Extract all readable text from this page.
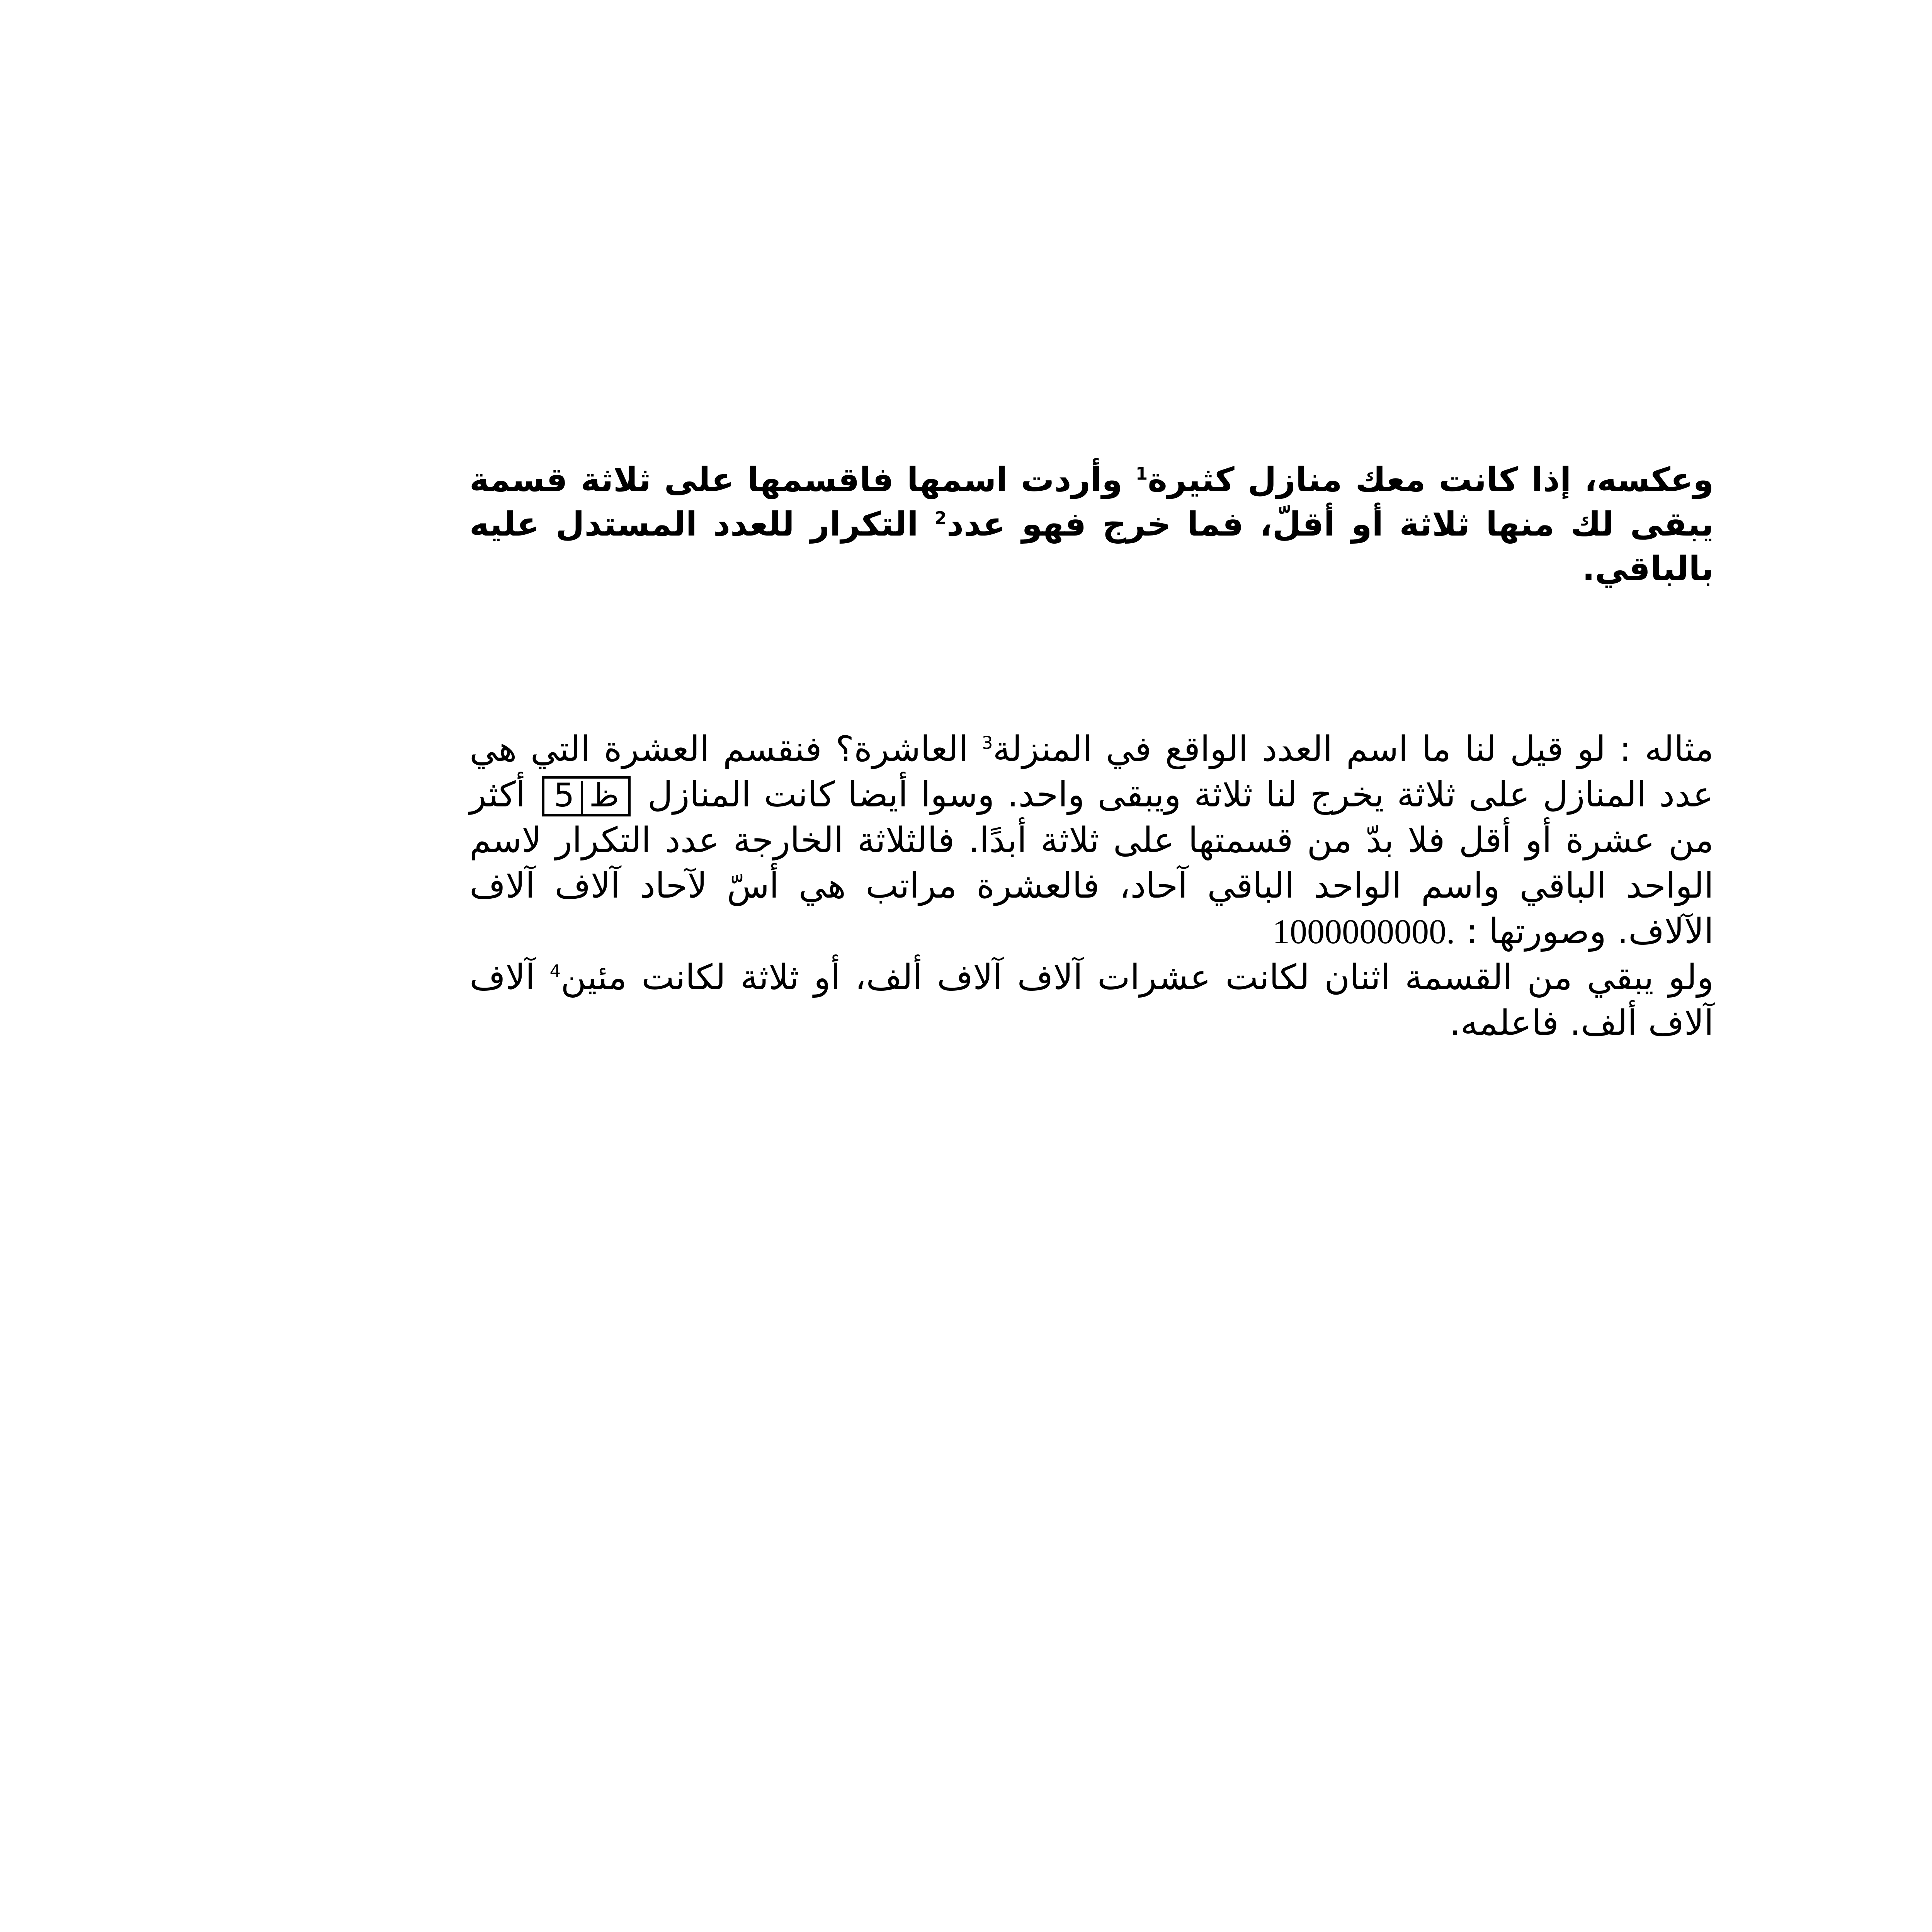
وعكسه، إذا كانت معك منازل كثيرة$^1$ وأردت اسمها فاقسمها على ثلاثة قسمة يبقى لك منها ثلاثة أو أقلّ، فما خرج فهو عدد$^2$ التكرار للعدد المستدل عليه بالباقي.
مثاله : لو قيل لنا ما اسم العدد الواقع في المنزلة$^3$ العاشرة؟ فنقسم العشرة التي هي عدد المنازل على ثلاثة يخرج لنا ثلاثة ويبقى واحد. وسوا أيضا كانت المنازل 5 ظ أكثر من عشرة أو أقل فلا بدّ من قسمتها على ثلاثة أبدًا. فالثلاثة الخارجة عدد التكرار لاسم الواحد الباقي واسم الواحد الباقي آحاد، فالعشرة مراتب هي أسّ لآحاد آلاف آلاف الآلاف. وصورتها : 1000000000.
ولو يبقي من القسمة اثنان لكانت عشرات آلاف آلاف ألف، أو ثلاثة لكانت مئين$^4$ آلاف آلاف ألف. فاعلمه.
